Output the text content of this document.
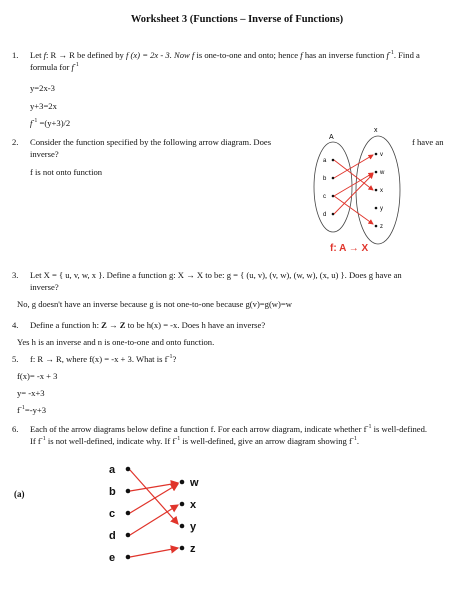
Worksheet 3 (Functions – Inverse of Functions)
1.	Let f: R → R be defined by f (x) = 2x - 3. Now f is one-to-one and onto; hence f has an inverse function $f^{-1}$. Find a
formula for $f^{-1}$
y=2x-3
y+3=2x
$f^{-1} =(y+3)/2$
2.	Consider the function specified by the following arrow diagram. Does	f have an
inverse?
f is not onto function
A
x
a
b
c
d
v
w
x
y
z
f: A → X
3.	Let X = { u, v, w, x }. Define a function g: X → X to be: g = { (u, v), (v, w), (w, w), (x, u) }. Does g have an
inverse?
No, g doesn't have an inverse because g is not one-to-one because g(v)=g(w)=w
4.	Define a function h: Z → Z to be h(x) = -x. Does h have an inverse?
Yes h is an inverse and n is one-to-one and onto function.
5.	f: R → R, where f(x) = -x + 3. What is $f^{-1}$?
f(x)= -x + 3
y= -x+3
$f^{-1}=-y+3$
6.	Each of the arrow diagrams below define a function f. For each arrow diagram, indicate whether $f^{-1}$ is well-defined.
If $f^{-1}$ is not well-defined, indicate why. If $f^{-1}$ is well-defined, give an arrow diagram showing $f^{-1}$.
(a)
a
b
c
d
e
w
x
y
z
